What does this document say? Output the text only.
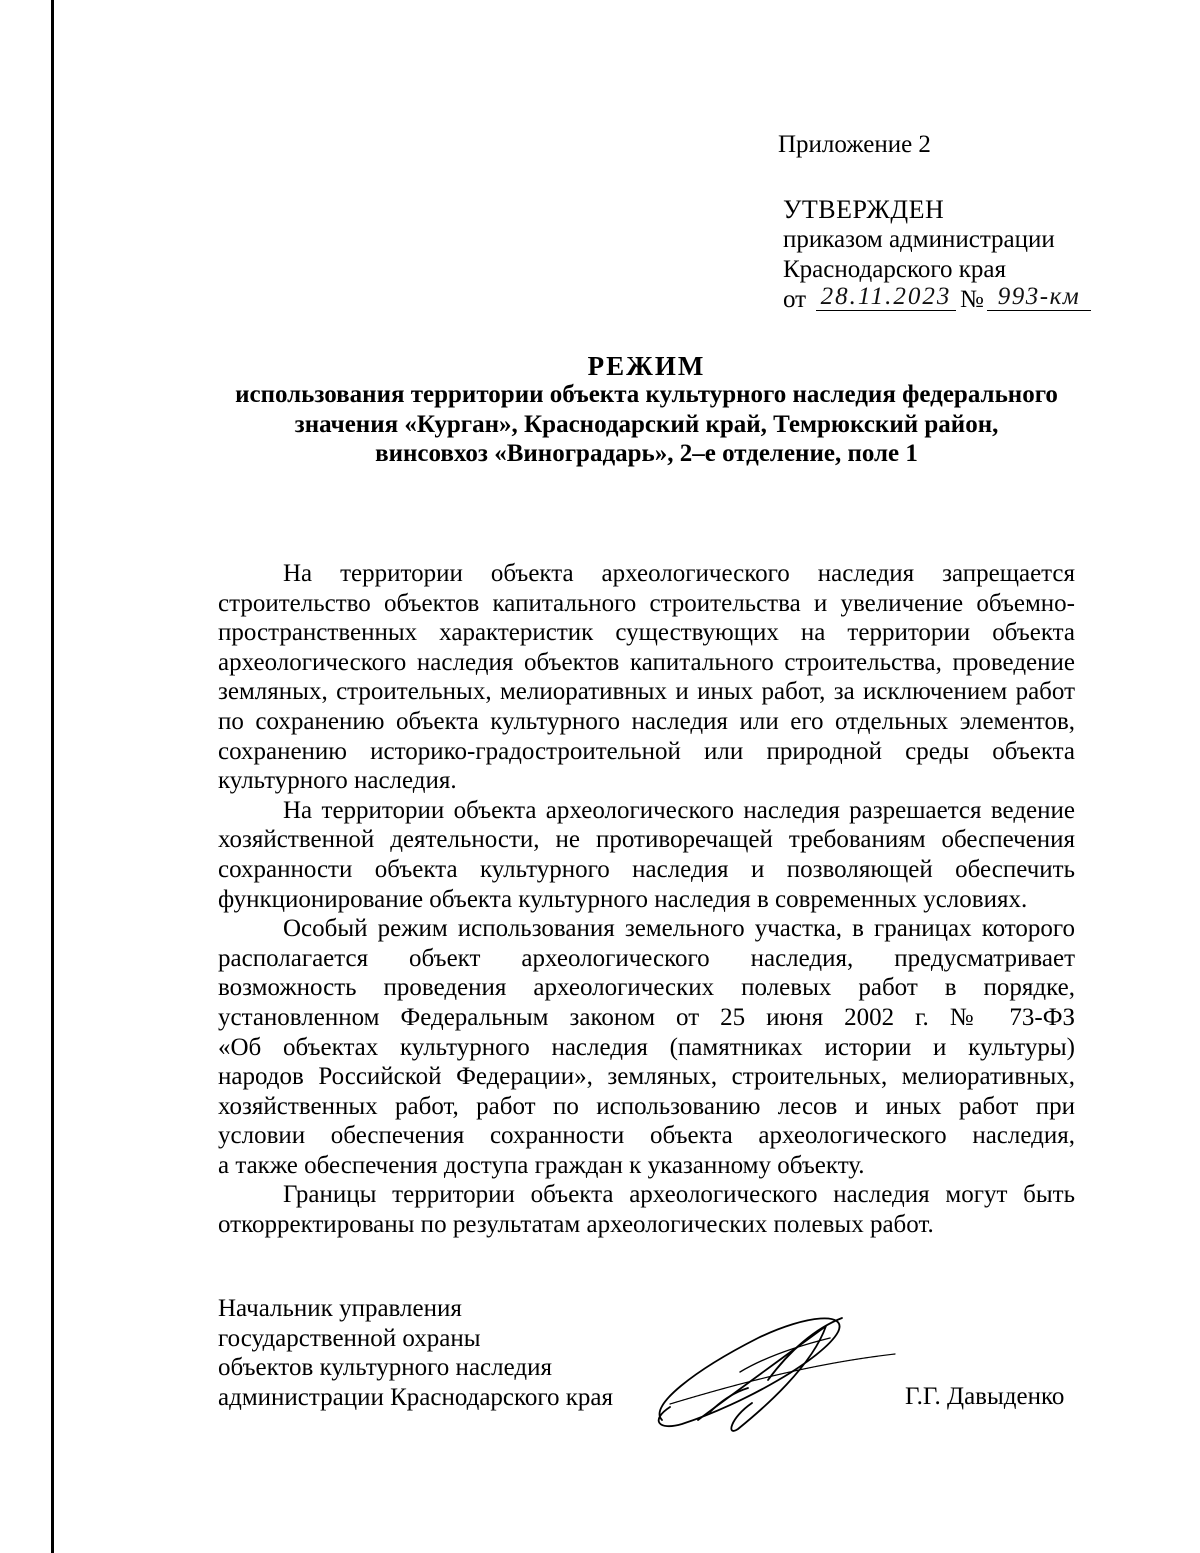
Приложение 2
УТВЕРЖДЕН
приказом администрации
Краснодарского края
от 28.11.2023 № 993-км
РЕЖИМ
использования территории объекта культурного наследия федерального
значения «Курган», Краснодарский край, Темрюкский район,
винсовхоз «Виноградарь», 2–е отделение, поле 1
На территории объекта археологического наследия запрещается
строительство объектов капитального строительства и увеличение объемно-
пространственных характеристик существующих на территории объекта
археологического наследия объектов капитального строительства, проведение
земляных, строительных, мелиоративных и иных работ, за исключением работ
по сохранению объекта культурного наследия или его отдельных элементов,
сохранению историко-градостроительной или природной среды объекта
культурного наследия.
На территории объекта археологического наследия разрешается ведение
хозяйственной деятельности, не противоречащей требованиям обеспечения
сохранности объекта культурного наследия и позволяющей обеспечить
функционирование объекта культурного наследия в современных условиях.
Особый режим использования земельного участка, в границах которого
располагается объект археологического наследия, предусматривает
возможность проведения археологических полевых работ в порядке,
установленном Федеральным законом от 25 июня 2002 г. № 73-ФЗ
«Об объектах культурного наследия (памятниках истории и культуры)
народов Российской Федерации», земляных, строительных, мелиоративных,
хозяйственных работ, работ по использованию лесов и иных работ при
условии обеспечения сохранности объекта археологического наследия,
а также обеспечения доступа граждан к указанному объекту.
Границы территории объекта археологического наследия могут быть
откорректированы по результатам археологических полевых работ.
Начальник управления
государственной охраны
объектов культурного наследия
администрации Краснодарского края	Г.Г. Давыденко
